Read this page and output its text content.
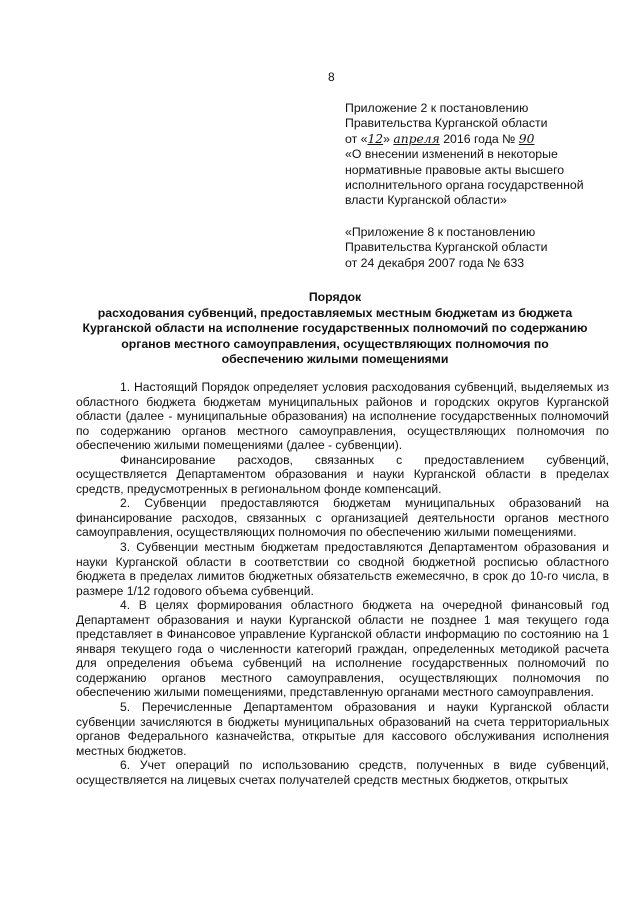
8
Приложение 2 к постановлению
Правительства Курганской области
от «12» апреля 2016 года № 90
«О внесении изменений в некоторые
нормативные правовые акты высшего
исполнительного органа государственной
власти Курганской области»
«Приложение 8 к постановлению
Правительства Курганской области
от 24 декабря 2007 года № 633
Порядок
расходования субвенций, предоставляемых местным бюджетам из бюджета
Курганской области на исполнение государственных полномочий по содержанию
органов местного самоуправления, осуществляющих полномочия по
обеспечению жилыми помещениями

1. Настоящий Порядок определяет условия расходования субвенций, выделяемых из областного бюджета бюджетам муниципальных районов и городских округов Курганской области (далее - муниципальные образования) на исполнение государственных полномочий по содержанию органов местного самоуправления, осуществляющих полномочия по обеспечению жилыми помещениями (далее - субвенции).

Финансирование расходов, связанных с предоставлением субвенций, осуществляется Департаментом образования и науки Курганской области в пределах средств, предусмотренных в региональном фонде компенсаций.

2. Субвенции предоставляются бюджетам муниципальных образований на финансирование расходов, связанных с организацией деятельности органов местного самоуправления, осуществляющих полномочия по обеспечению жилыми помещениями.

3. Субвенции местным бюджетам предоставляются Департаментом образования и науки Курганской области в соответствии со сводной бюджетной росписью областного бюджета в пределах лимитов бюджетных обязательств ежемесячно, в срок до 10-го числа, в размере 1/12 годового объема субвенций.

4. В целях формирования областного бюджета на очередной финансовый год Департамент образования и науки Курганской области не позднее 1 мая текущего года представляет в Финансовое управление Курганской области информацию по состоянию на 1 января текущего года о численности категорий граждан, определенных методикой расчета для определения объема субвенций на исполнение государственных полномочий по содержанию органов местного самоуправления, осуществляющих полномочия по обеспечению жилыми помещениями, представленную органами местного самоуправления.

5. Перечисленные Департаментом образования и науки Курганской области субвенции зачисляются в бюджеты муниципальных образований на счета территориальных органов Федерального казначейства, открытые для кассового обслуживания исполнения местных бюджетов.

6. Учет операций по использованию средств, полученных в виде субвенций, осуществляется на лицевых счетах получателей средств местных бюджетов, открытых
